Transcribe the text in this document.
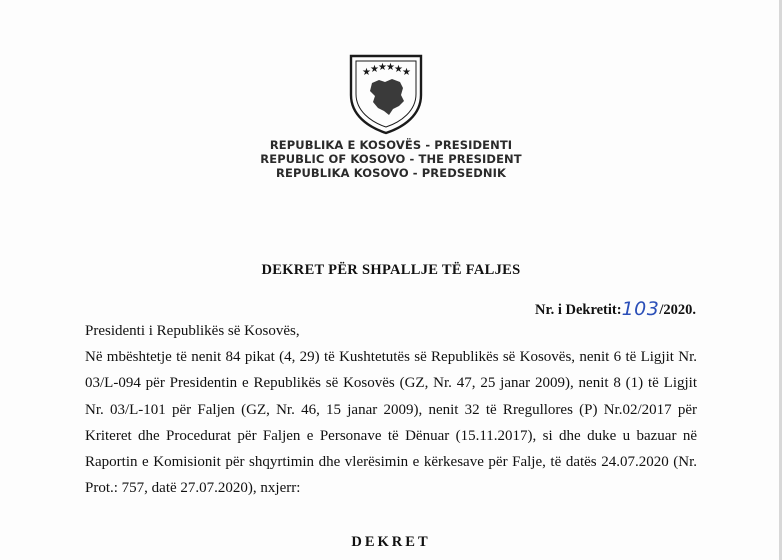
★ ★ ★ ★ ★ ★
REPUBLIKA E KOSOVËS - PRESIDENTI
REPUBLIC OF KOSOVO - THE PRESIDENT
REPUBLIKA KOSOVO - PREDSEDNIK
DEKRET PËR SHPALLJE TË FALJES
Nr. i Dekretit:103/2020.

Presidenti i Republikës së Kosovës,

Në mbështetje të nenit 84 pikat (4, 29) të Kushtetutës së Republikës së Kosovës, nenit 6 të Ligjit Nr. 03/L-094 për Presidentin e Republikës së Kosovës (GZ, Nr. 47, 25 janar 2009), nenit 8 (1) të Ligjit Nr. 03/L-101 për Faljen (GZ, Nr. 46, 15 janar 2009), nenit 32 të Rregullores (P) Nr.02/2017 për Kriteret dhe Procedurat për Faljen e Personave të Dënuar (15.11.2017), si dhe duke u bazuar në Raportin e Komisionit për shqyrtimin dhe vlerësimin e kërkesave për Falje, të datës 24.07.2020 (Nr. Prot.: 757, datë 27.07.2020), nxjerr:

DEKRET
